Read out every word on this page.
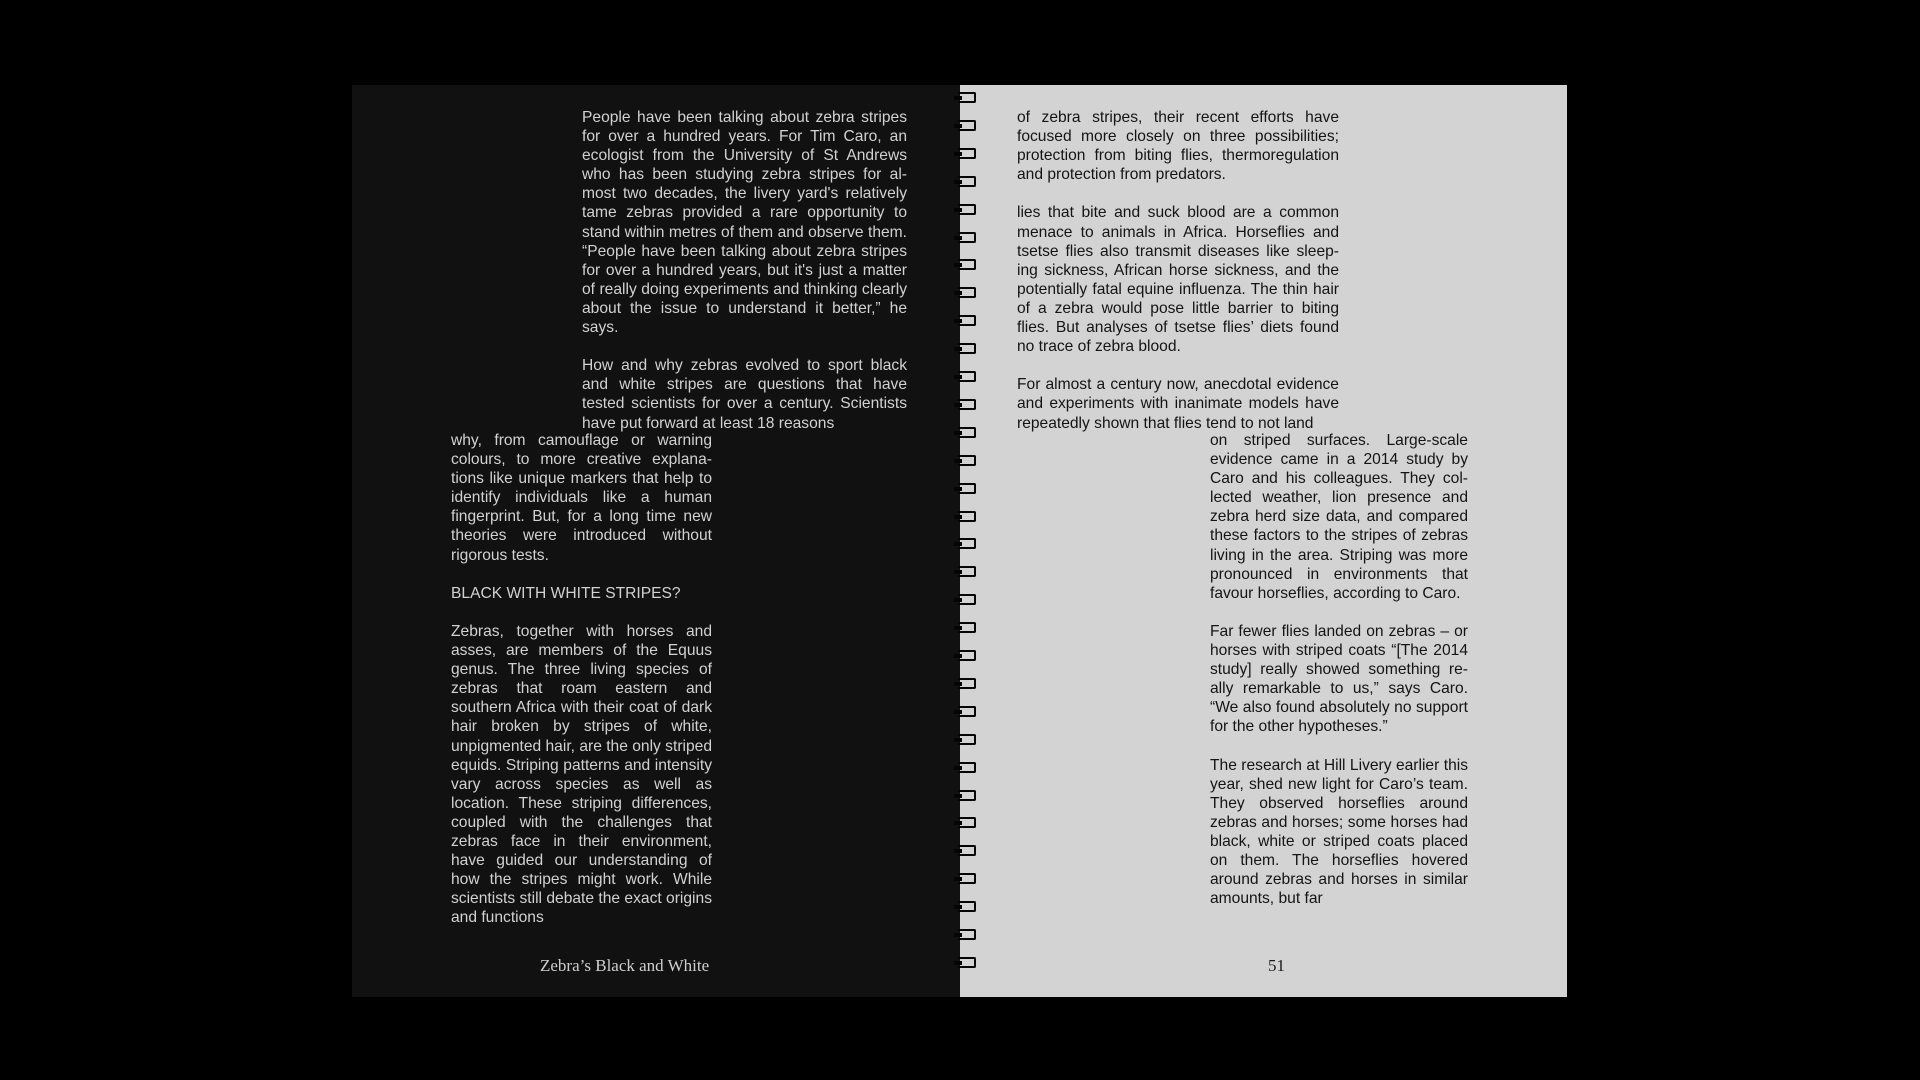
People have been talking about zebra stripes for over a hundred years. For Tim Caro, an ecologist from the University of St Andrews who has been studying zebra stripes for almost two decades, the livery yard's relatively tame zebras provided a rare opportunity to stand within metres of them and observe them. “People have been talking about zebra stripes for over a hundred years, but it's just a matter of really doing experiments and thinking clearly about the issue to understand it better,” he says.

How and why zebras evolved to sport black and white stripes are questions that have tested scientists for over a century. Scientists have put forward at least 18 reasons

why, from camouflage or warning colours, to more creative explanations like unique markers that help to identify individuals like a human fingerprint. But, for a long time new theories were introduced without rigorous tests.

BLACK WITH WHITE STRIPES?

Zebras, together with horses and asses, are members of the Equus genus. The three living species of zebras that roam eastern and southern Africa with their coat of dark hair broken by stripes of white, unpigmented hair, are the only striped equids. Striping patterns and intensity vary across species as well as location. These striping differences, coupled with the challenges that zebras face in their environment, have guided our understanding of how the stripes might work. While scientists still debate the exact origins and functions

Zebra’s Black and White

of zebra stripes, their recent efforts have focused more closely on three possibilities; protection from biting flies, thermoregulation and protection from predators.

lies that bite and suck blood are a common menace to animals in Africa. Horseflies and tsetse flies also transmit diseases like sleeping sickness, African horse sickness, and the potentially fatal equine influenza. The thin hair of a zebra would pose little barrier to biting flies. But analyses of tsetse flies’ diets found no trace of zebra blood.

For almost a century now, anecdotal evidence and experiments with inanimate models have repeatedly shown that flies tend to not land

on striped surfaces. Large-scale evidence came in a 2014 study by Caro and his colleagues. They collected weather, lion presence and zebra herd size data, and compared these factors to the stripes of zebras living in the area. Striping was more pronounced in environments that favour horseflies, according to Caro.

Far fewer flies landed on zebras – or horses with striped coats “[The 2014 study] really showed something really remarkable to us,” says Caro. “We also found absolutely no support for the other hypotheses.”

The research at Hill Livery earlier this year, shed new light for Caro’s team. They observed horseflies around zebras and horses; some horses had black, white or striped coats placed on them. The horseflies hovered around zebras and horses in similar amounts, but far

51
